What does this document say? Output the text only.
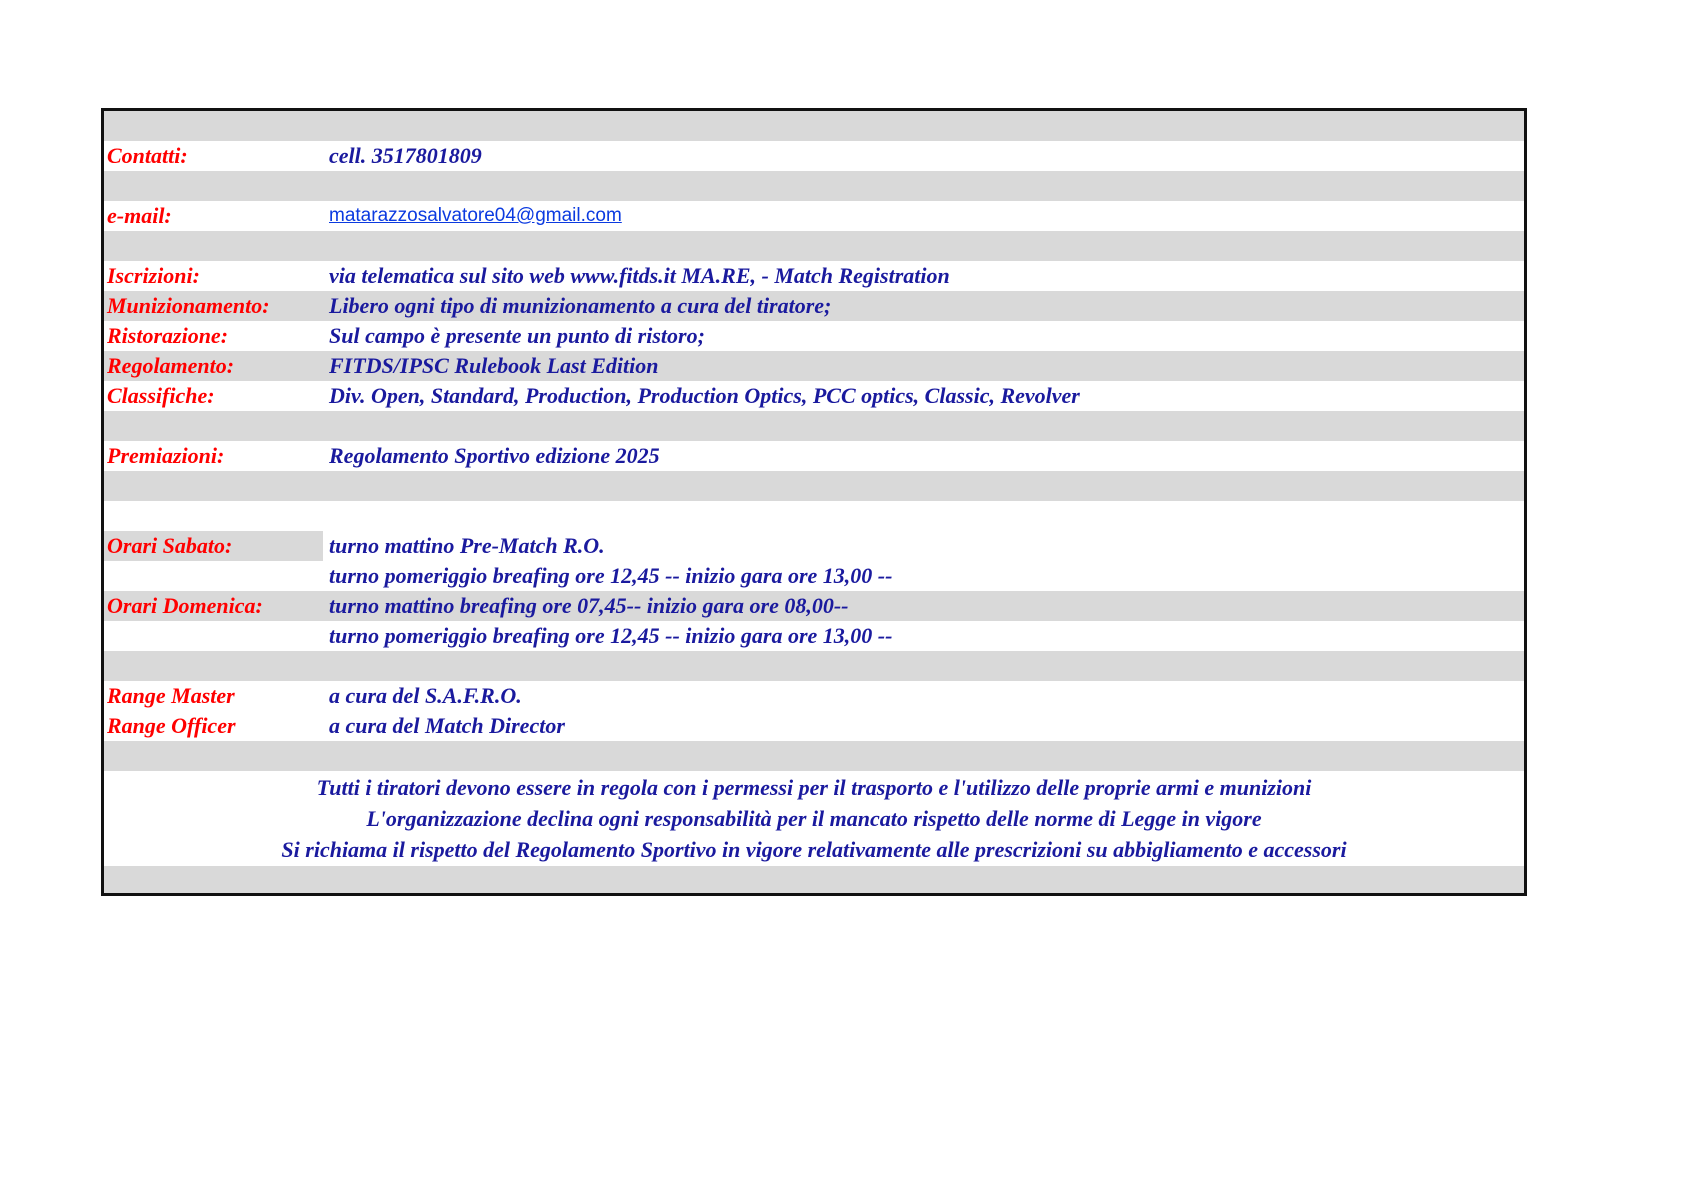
Contatti:	cell. 3517801809
e-mail:	matarazzosalvatore04@gmail.com
Iscrizioni:	via telematica sul sito web www.fitds.it MA.RE, - Match Registration
Munizionamento:	Libero ogni tipo di munizionamento a cura del tiratore;
Ristorazione:	Sul campo è presente un punto di ristoro;
Regolamento:	FITDS/IPSC Rulebook Last Edition
Classifiche:	Div. Open, Standard, Production, Production Optics, PCC optics, Classic, Revolver
Premiazioni:	Regolamento Sportivo edizione 2025
Orari Sabato:	turno mattino Pre-Match R.O.
turno pomeriggio breafing ore 12,45 -- inizio gara ore 13,00 --
Orari Domenica:	turno mattino breafing ore 07,45-- inizio gara ore 08,00--
turno pomeriggio breafing ore 12,45 -- inizio gara ore 13,00 --
Range Master	a cura del S.A.F.R.O.
Range Officer	a cura del Match Director
Tutti i tiratori devono essere in regola con i permessi per il trasporto e l'utilizzo delle proprie armi e munizioni
L'organizzazione declina ogni responsabilità per il mancato rispetto delle norme di Legge in vigore
Si richiama il rispetto del Regolamento Sportivo in vigore relativamente alle prescrizioni su abbigliamento e accessori
